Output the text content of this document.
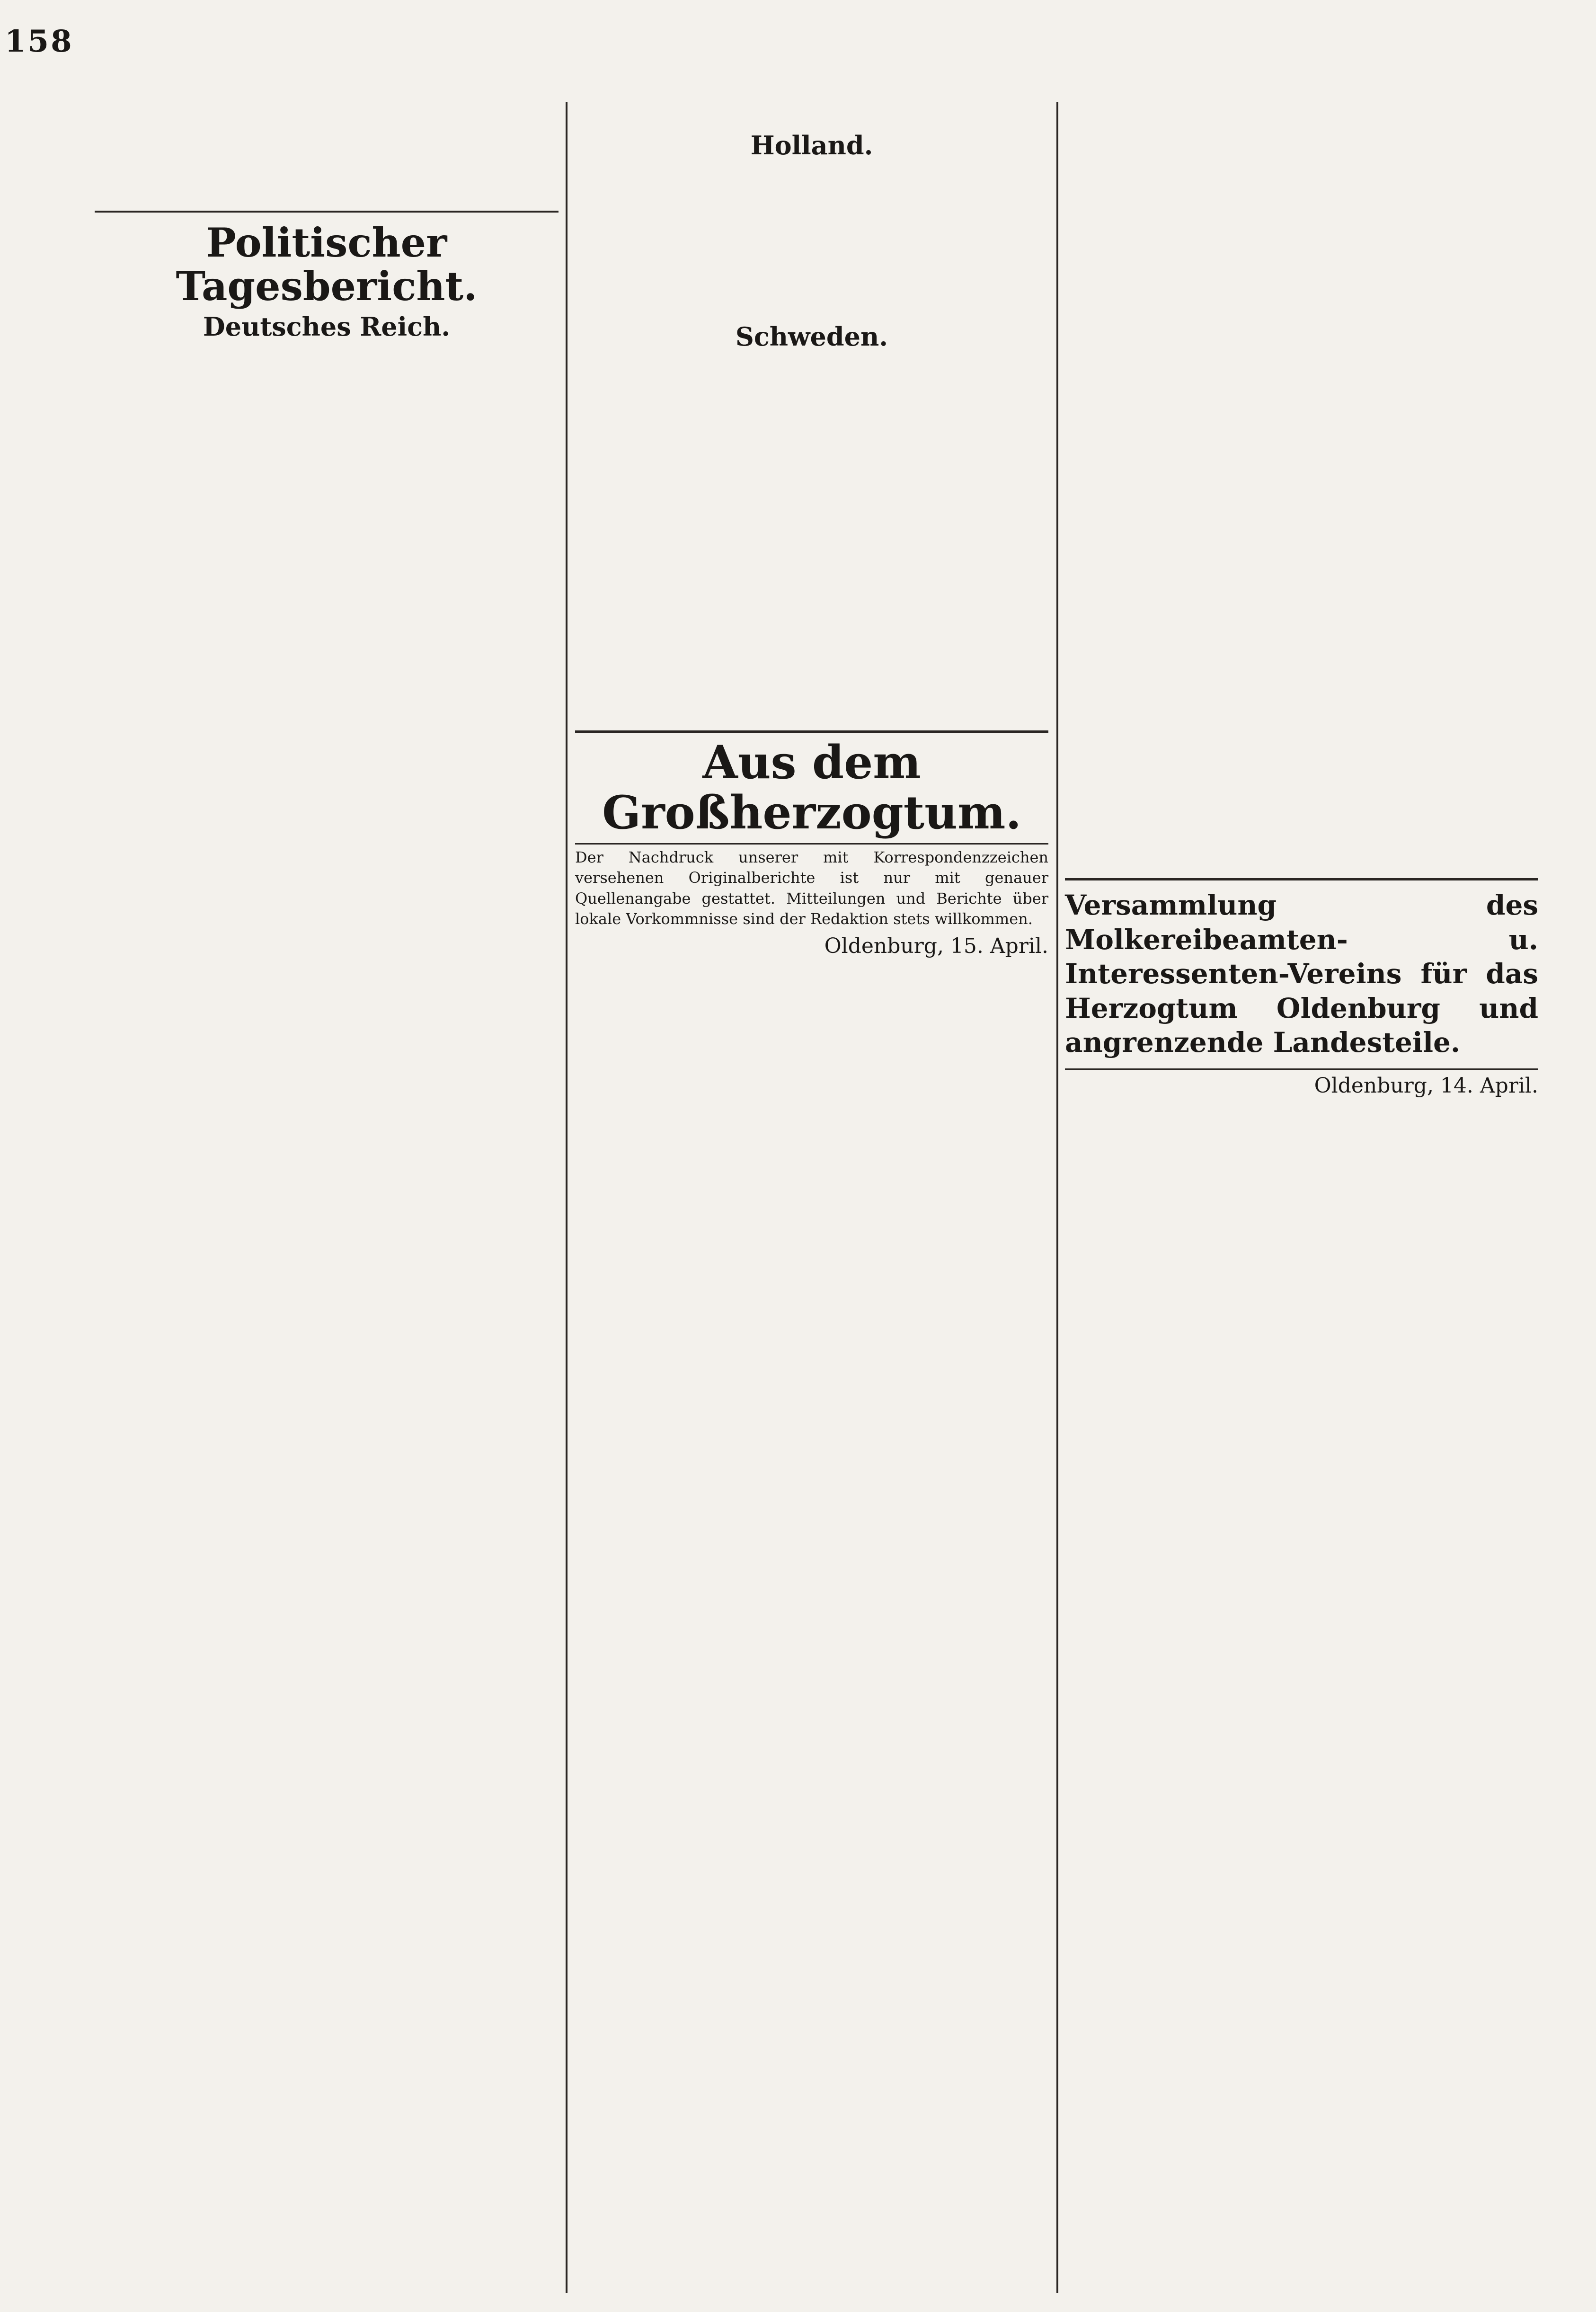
158
Politischer Tagesbericht.
Deutsches Reich.
Holland.
Schweden.
Aus dem Großherzogtum.
Der Nachdruck unserer mit Korrespondenzzeichen versehenen Originalberichte ist nur mit genauer Quellenangabe gestattet. Mitteilungen und Berichte über lokale Vorkommnisse sind der Redaktion stets willkommen.
Oldenburg, 15. April.
Versammlung des Molkereibeamten- u. Interessenten-Vereins für das Herzogtum Oldenburg und angrenzende Landesteile.
Oldenburg, 14. April.
